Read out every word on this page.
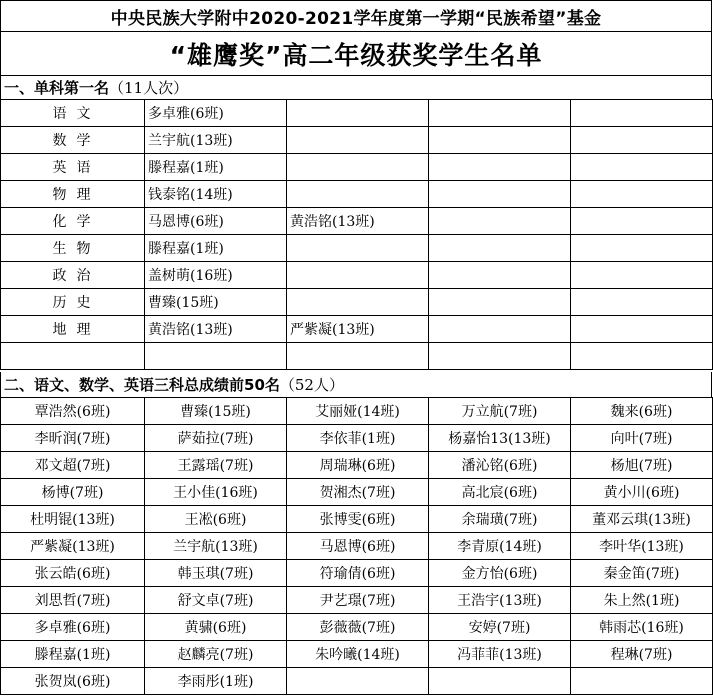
中央民族大学附中2020-2021学年度第一学期“民族希望”基金
“雄鹰奖”高二年级获奖学生名单
一、单科第一名 （11人次）
语文	多卓雅(6班)			
数学	兰宇航(13班)			
英语	滕程嘉(1班)			
物理	钱泰铭(14班)			
化学	马恩博(6班)	黄浩铭(13班)		
生物	滕程嘉(1班)			
政治	盖树萌(16班)			
历史	曹臻(15班)			
地理	黄浩铭(13班)	严紫凝(13班)		

二、语文、数学、英语三科总成绩前50名 （52人）
覃浩然(6班)	曹臻(15班)	艾丽娅(14班)	万立航(7班)	魏来(6班)
李昕润(7班)	萨茹拉(7班)	李依菲(1班)	杨嘉怡13(13班)	向叶(7班)
邓文超(7班)	王露瑶(7班)	周瑞琳(6班)	潘沁铭(6班)	杨旭(7班)
杨博(7班)	王小佳(16班)	贺湘杰(7班)	高北宸(6班)	黄小川(6班)
杜明锟(13班)	王凇(6班)	张博雯(6班)	余瑞璜(7班)	董邓云琪(13班)
严紫凝(13班)	兰宇航(13班)	马恩博(6班)	李青原(14班)	李叶华(13班)
张云皓(6班)	韩玉琪(7班)	符瑜倩(6班)	金方怡(6班)	秦金笛(7班)
刘思哲(7班)	舒文卓(7班)	尹艺璟(7班)	王浩宇(13班)	朱上然(1班)
多卓雅(6班)	黄骕(6班)	彭薇薇(7班)	安婷(7班)	韩雨芯(16班)
滕程嘉(1班)	赵麟亮(7班)	朱吟曦(14班)	冯菲菲(13班)	程琳(7班)
张贺岚(6班)	李雨彤(1班)			
